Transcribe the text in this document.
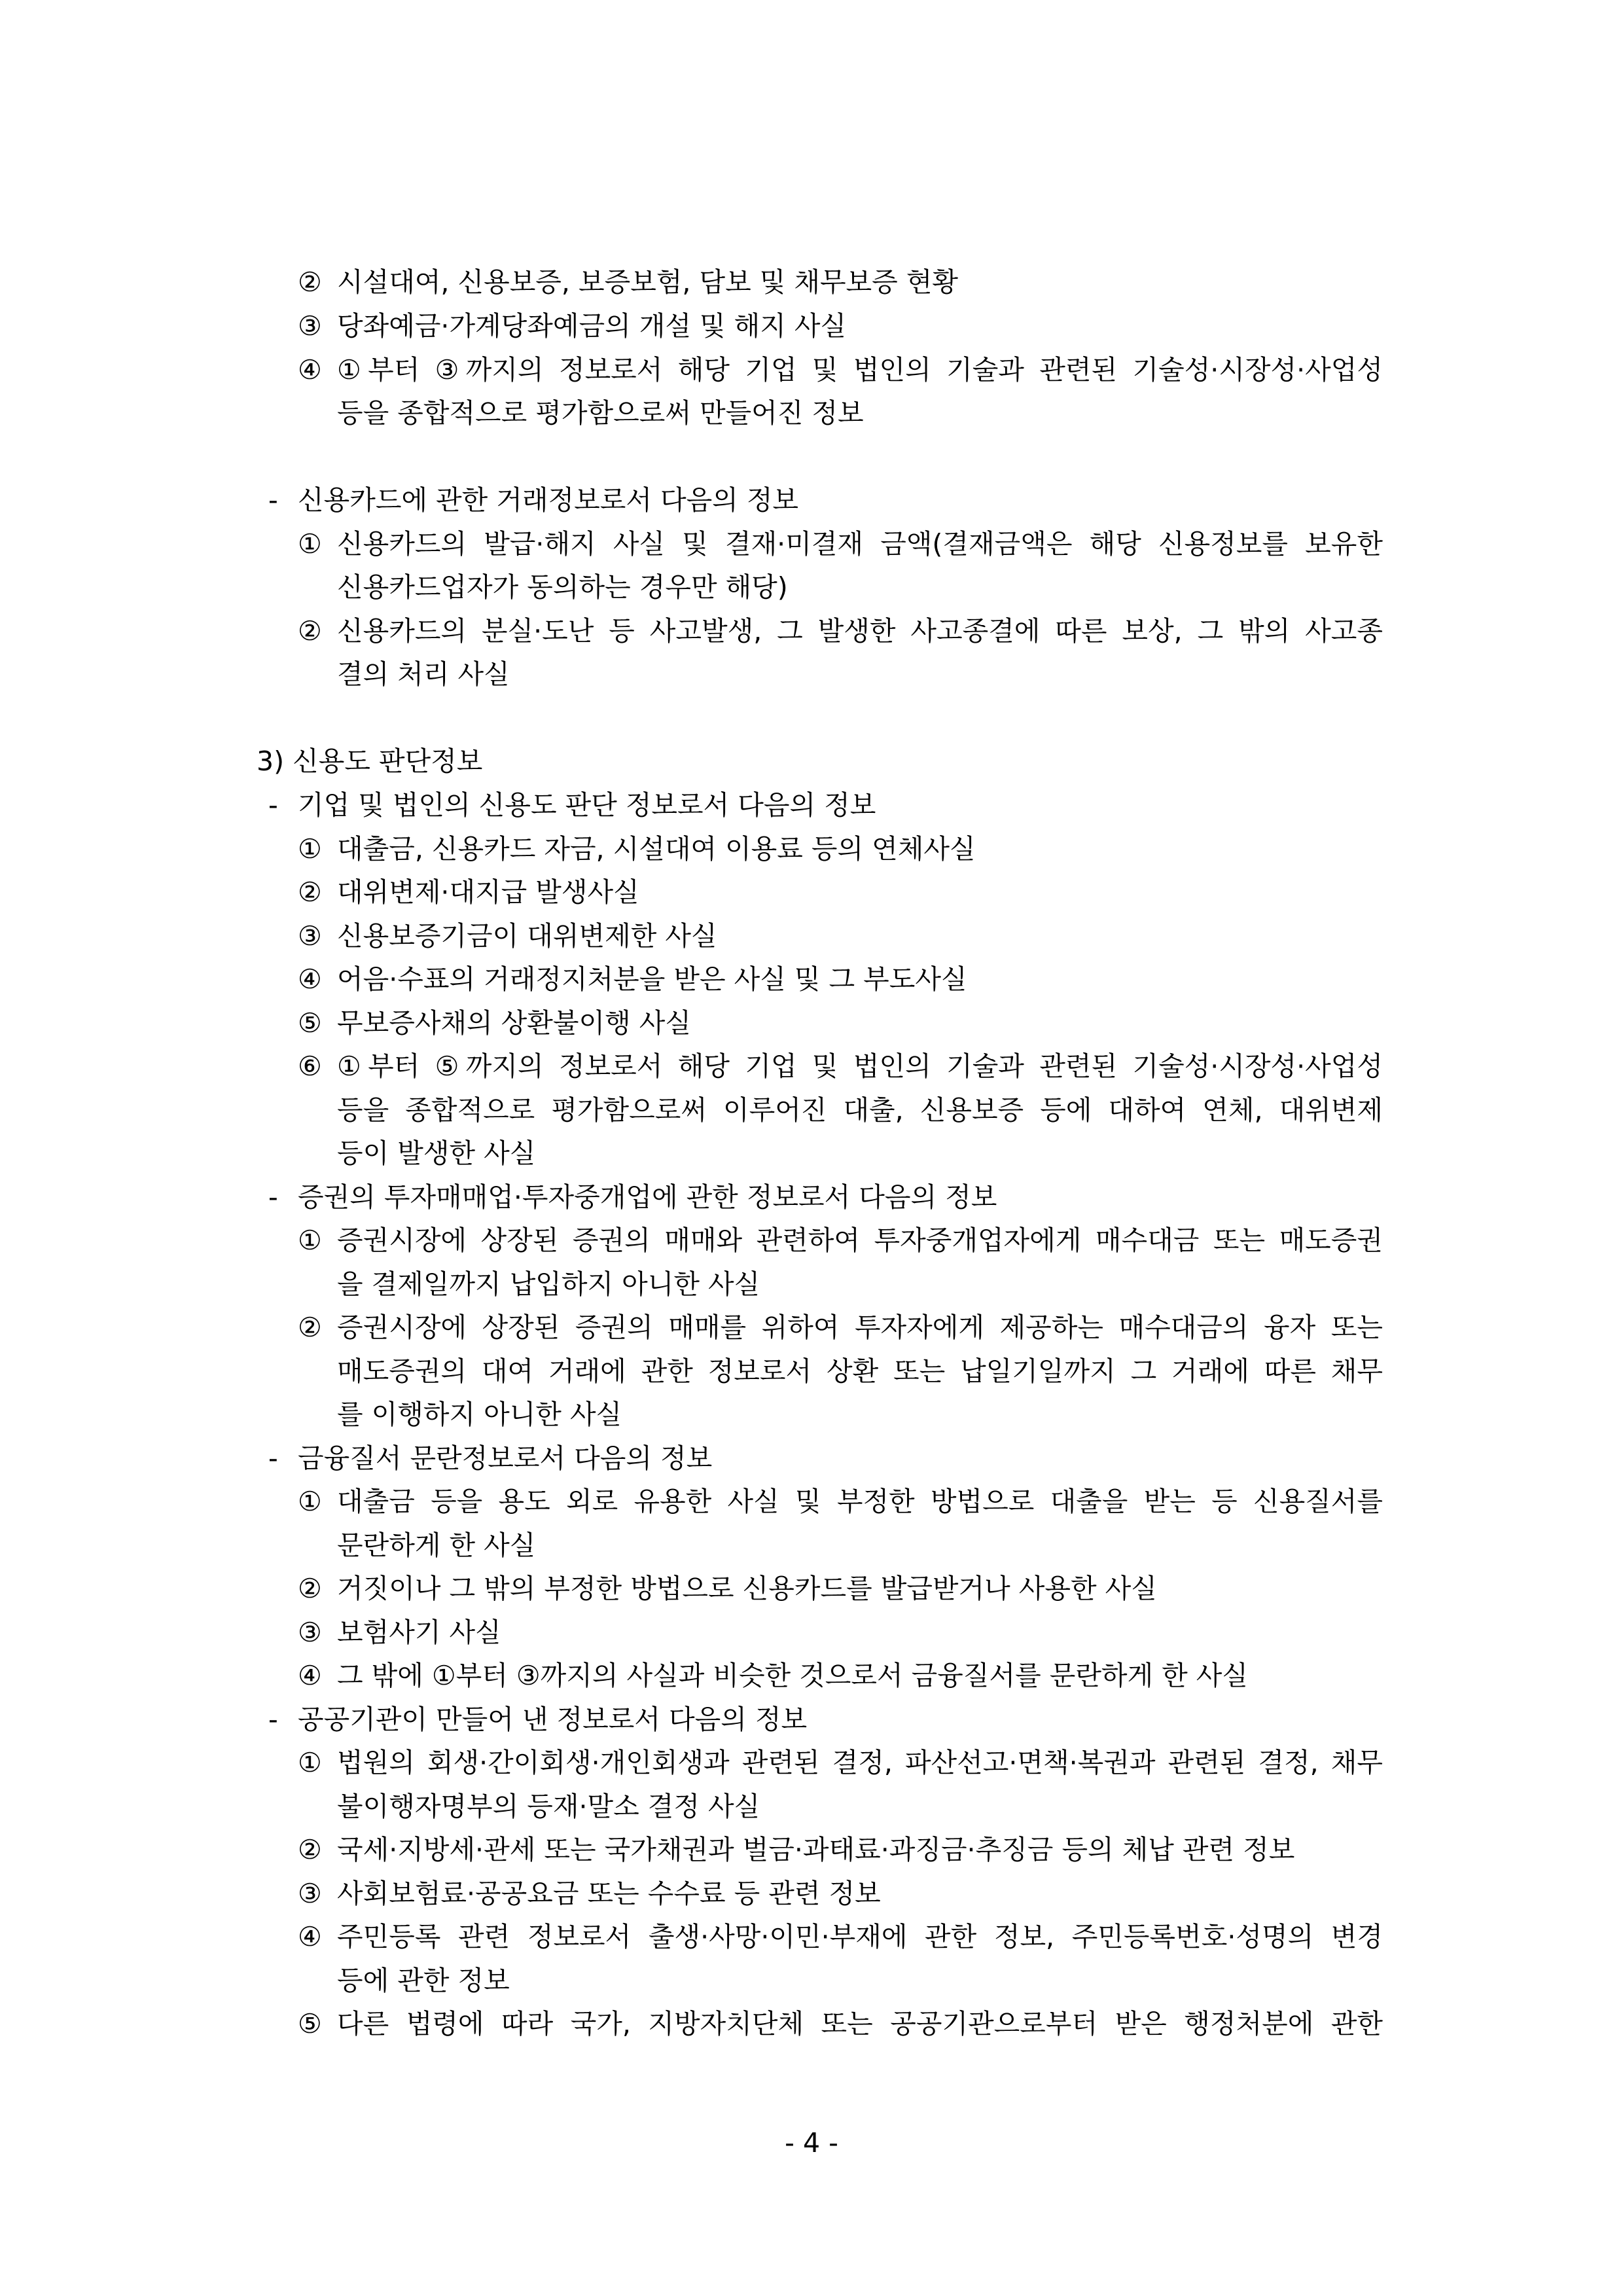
② 시설대여, 신용보증, 보증보험, 담보 및 채무보증 현황
③ 당좌예금·가계당좌예금의 개설 및 해지 사실
④ ①부터 ③까지의 정보로서 해당 기업 및 법인의 기술과 관련된 기술성·시장성·사업성
등을 종합적으로 평가함으로써 만들어진 정보
- 신용카드에 관한 거래정보로서 다음의 정보
① 신용카드의 발급·해지 사실 및 결재·미결재 금액(결재금액은 해당 신용정보를 보유한
신용카드업자가 동의하는 경우만 해당)
② 신용카드의 분실·도난 등 사고발생, 그 발생한 사고종결에 따른 보상, 그 밖의 사고종
결의 처리 사실
3) 신용도 판단정보
- 기업 및 법인의 신용도 판단 정보로서 다음의 정보
① 대출금, 신용카드 자금, 시설대여 이용료 등의 연체사실
② 대위변제·대지급 발생사실
③ 신용보증기금이 대위변제한 사실
④ 어음·수표의 거래정지처분을 받은 사실 및 그 부도사실
⑤ 무보증사채의 상환불이행 사실
⑥ ①부터 ⑤까지의 정보로서 해당 기업 및 법인의 기술과 관련된 기술성·시장성·사업성
등을 종합적으로 평가함으로써 이루어진 대출, 신용보증 등에 대하여 연체, 대위변제
등이 발생한 사실
- 증권의 투자매매업·투자중개업에 관한 정보로서 다음의 정보
① 증권시장에 상장된 증권의 매매와 관련하여 투자중개업자에게 매수대금 또는 매도증권
을 결제일까지 납입하지 아니한 사실
② 증권시장에 상장된 증권의 매매를 위하여 투자자에게 제공하는 매수대금의 융자 또는
매도증권의 대여 거래에 관한 정보로서 상환 또는 납일기일까지 그 거래에 따른 채무
를 이행하지 아니한 사실
- 금융질서 문란정보로서 다음의 정보
① 대출금 등을 용도 외로 유용한 사실 및 부정한 방법으로 대출을 받는 등 신용질서를
문란하게 한 사실
② 거짓이나 그 밖의 부정한 방법으로 신용카드를 발급받거나 사용한 사실
③ 보험사기 사실
④ 그 밖에 ①부터 ③까지의 사실과 비슷한 것으로서 금융질서를 문란하게 한 사실
- 공공기관이 만들어 낸 정보로서 다음의 정보
① 법원의 회생·간이회생·개인회생과 관련된 결정, 파산선고·면책·복권과 관련된 결정, 채무
불이행자명부의 등재·말소 결정 사실
② 국세·지방세·관세 또는 국가채권과 벌금·과태료·과징금·추징금 등의 체납 관련 정보
③ 사회보험료·공공요금 또는 수수료 등 관련 정보
④ 주민등록 관련 정보로서 출생·사망·이민·부재에 관한 정보, 주민등록번호·성명의 변경
등에 관한 정보
⑤ 다른 법령에 따라 국가, 지방자치단체 또는 공공기관으로부터 받은 행정처분에 관한
- 4 -
